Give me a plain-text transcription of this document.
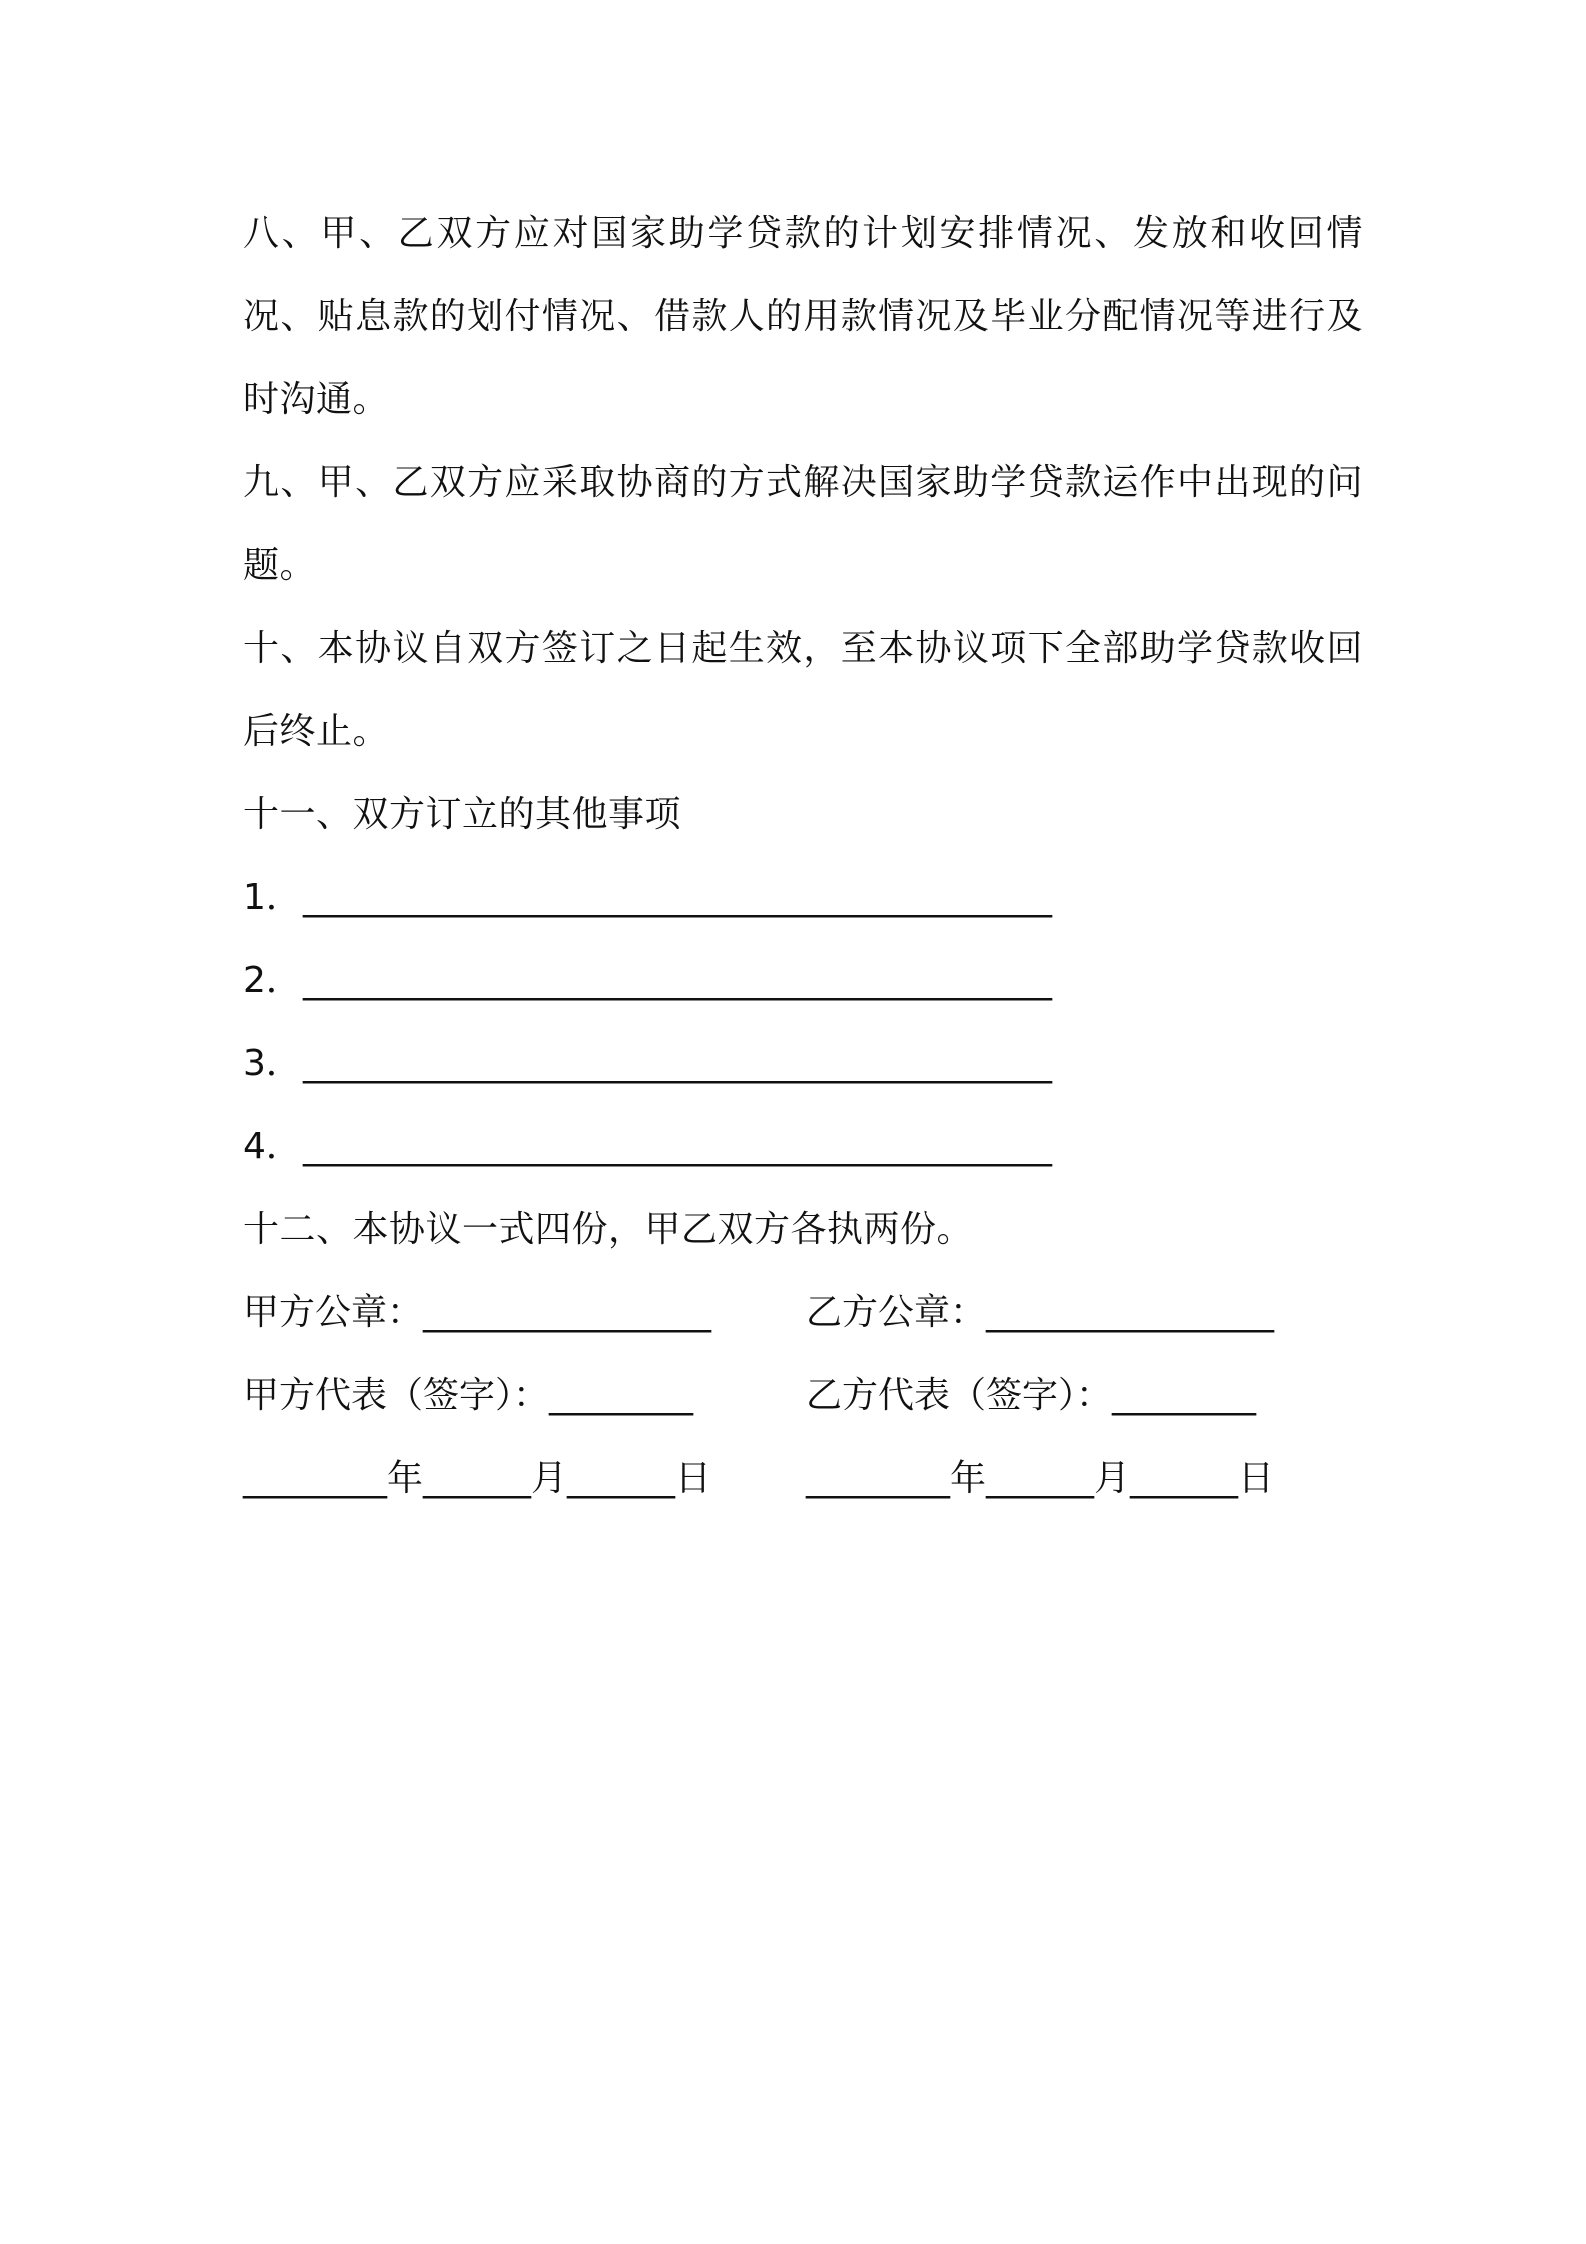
八、甲、乙双方应对国家助学贷款的计划安排情况、发放和收回情况、贴息款的划付情况、借款人的用款情况及毕业分配情况等进行及时沟通。

九、甲、乙双方应采取协商的方式解决国家助学贷款运作中出现的问题。

十、本协议自双方签订之日起生效，至本协议项下全部助学贷款收回后终止。

十一、双方订立的其他事项

1． ____________________________________________
2． ____________________________________________
3． ____________________________________________
4． ____________________________________________

十二、本协议一式四份，甲乙双方各执两份。

甲方公章：________________	乙方公章：________________
甲方代表（签字）：________	乙方代表（签字）：________
________年______月______日	________年______月______日
